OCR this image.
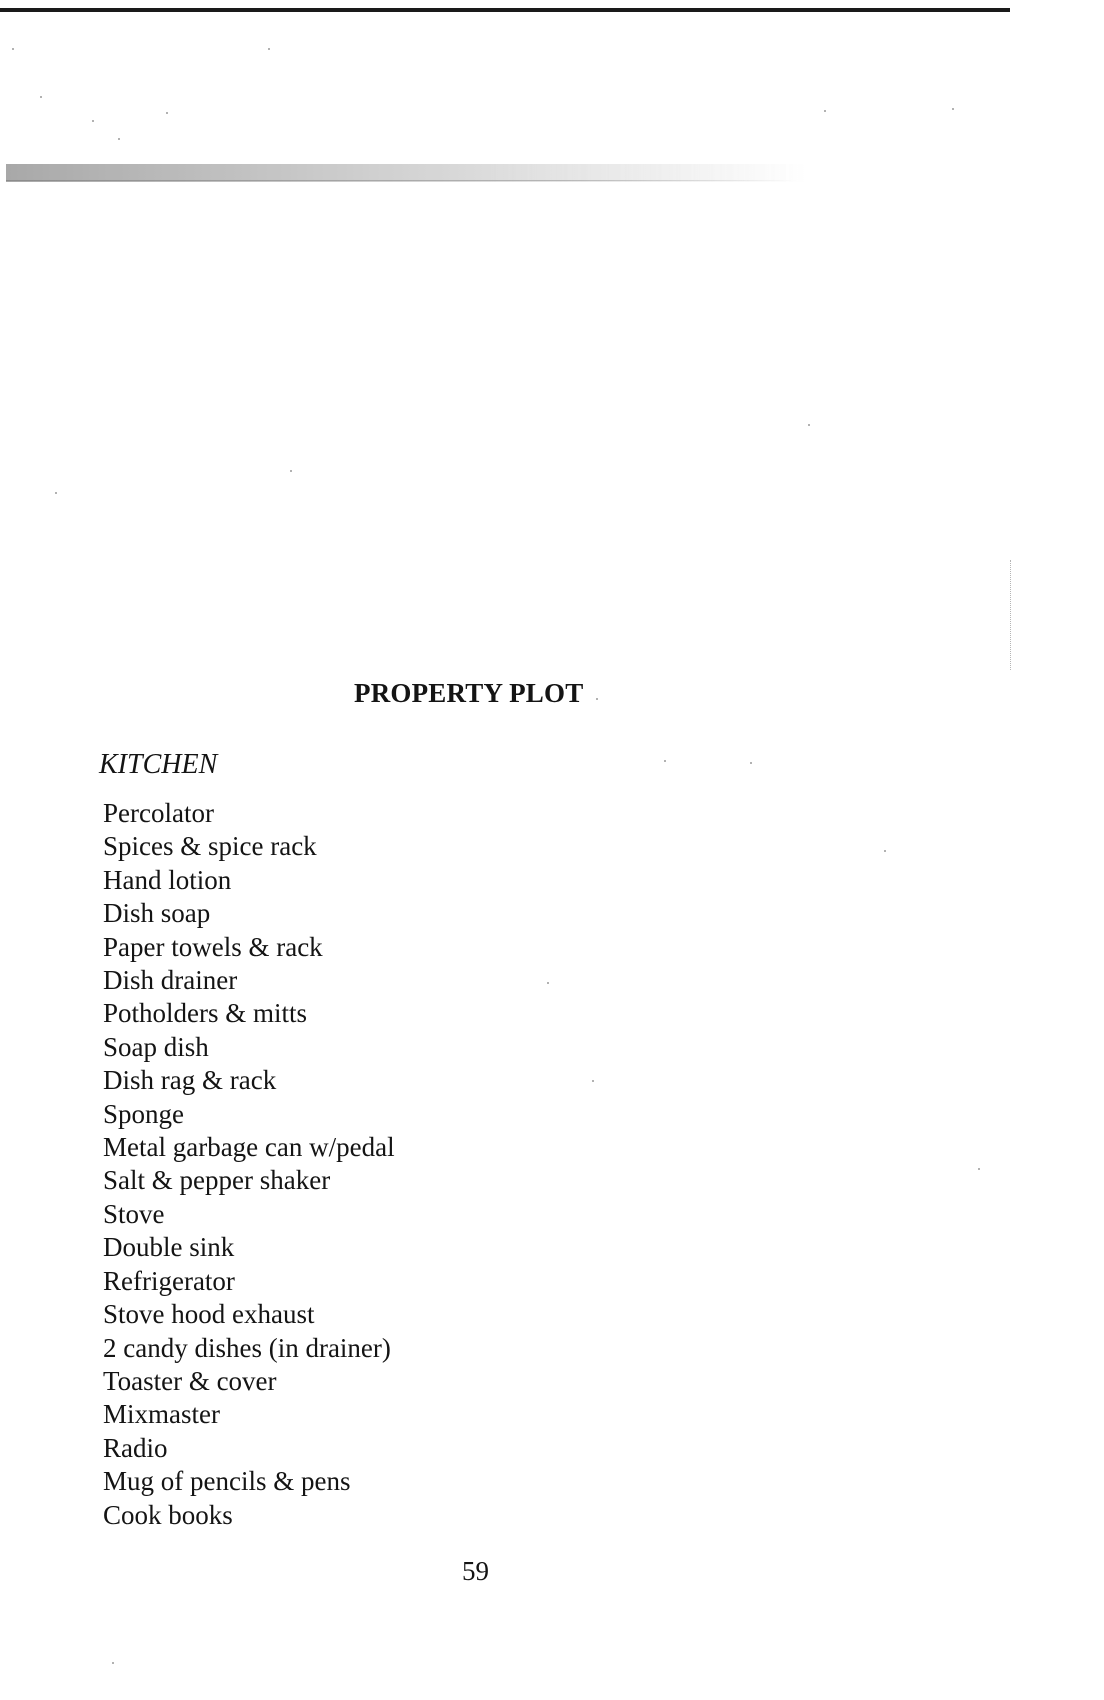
PROPERTY PLOT
KITCHEN
Percolator
Spices & spice rack
Hand lotion
Dish soap
Paper towels & rack
Dish drainer
Potholders & mitts
Soap dish
Dish rag & rack
Sponge
Metal garbage can w/pedal
Salt & pepper shaker
Stove
Double sink
Refrigerator
Stove hood exhaust
2 candy dishes (in drainer)
Toaster & cover
Mixmaster
Radio
Mug of pencils & pens
Cook books
59
